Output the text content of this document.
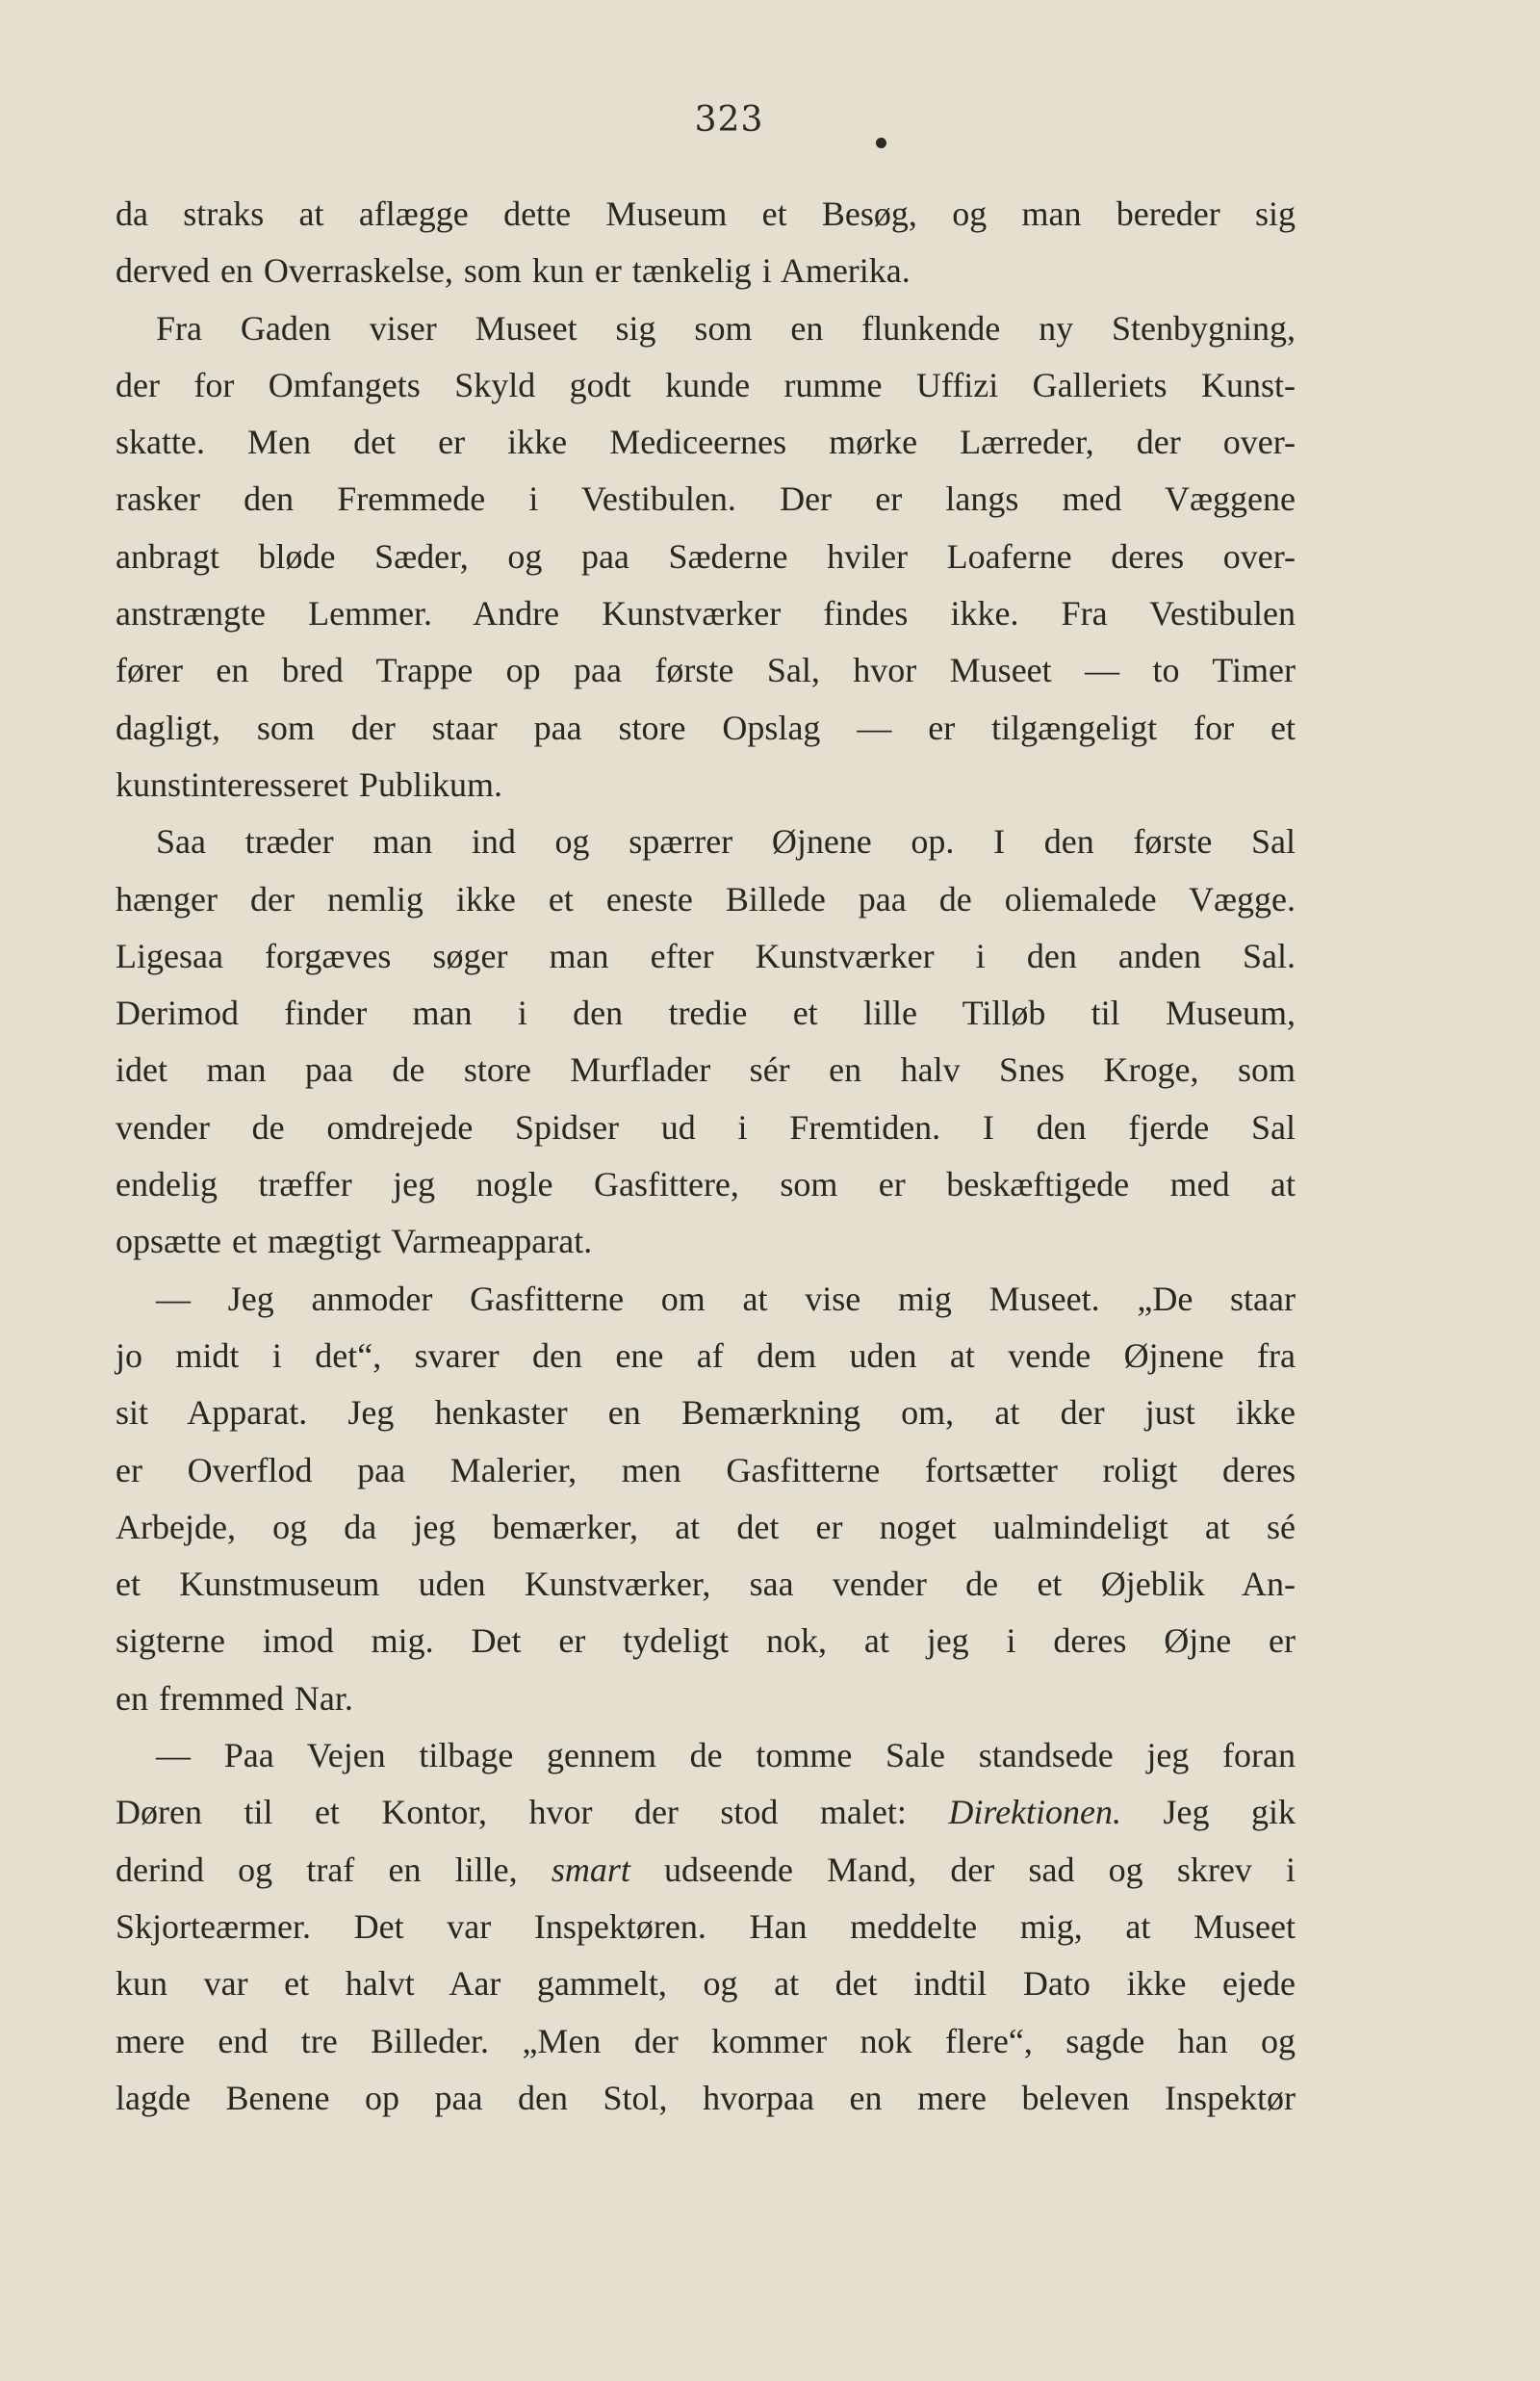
323
da straks at aflægge dette Museum et Besøg, og man bereder sig
derved en Overraskelse, som kun er tænkelig i Amerika.
Fra Gaden viser Museet sig som en flunkende ny Stenbygning,
der for Omfangets Skyld godt kunde rumme Uffizi Galleriets Kunst-
skatte. Men det er ikke Mediceernes mørke Lærreder, der over-
rasker den Fremmede i Vestibulen. Der er langs med Væggene
anbragt bløde Sæder, og paa Sæderne hviler Loaferne deres over-
anstrængte Lemmer. Andre Kunstværker findes ikke. Fra Vestibulen
fører en bred Trappe op paa første Sal, hvor Museet — to Timer
dagligt, som der staar paa store Opslag — er tilgængeligt for et
kunstinteresseret Publikum.
Saa træder man ind og spærrer Øjnene op. I den første Sal
hænger der nemlig ikke et eneste Billede paa de oliemalede Vægge.
Ligesaa forgæves søger man efter Kunstværker i den anden Sal.
Derimod finder man i den tredie et lille Tilløb til Museum,
idet man paa de store Murflader sér en halv Snes Kroge, som
vender de omdrejede Spidser ud i Fremtiden. I den fjerde Sal
endelig træffer jeg nogle Gasfittere, som er beskæftigede med at
opsætte et mægtigt Varmeapparat.
— Jeg anmoder Gasfitterne om at vise mig Museet. „De staar
jo midt i det“, svarer den ene af dem uden at vende Øjnene fra
sit Apparat. Jeg henkaster en Bemærkning om, at der just ikke
er Overflod paa Malerier, men Gasfitterne fortsætter roligt deres
Arbejde, og da jeg bemærker, at det er noget ualmindeligt at sé
et Kunstmuseum uden Kunstværker, saa vender de et Øjeblik An-
sigterne imod mig. Det er tydeligt nok, at jeg i deres Øjne er
en fremmed Nar.
— Paa Vejen tilbage gennem de tomme Sale standsede jeg foran
Døren til et Kontor, hvor der stod malet: Direktionen. Jeg gik
derind og traf en lille, smart udseende Mand, der sad og skrev i
Skjorteærmer. Det var Inspektøren. Han meddelte mig, at Museet
kun var et halvt Aar gammelt, og at det indtil Dato ikke ejede
mere end tre Billeder. „Men der kommer nok flere“, sagde han og
lagde Benene op paa den Stol, hvorpaa en mere beleven Inspektør
